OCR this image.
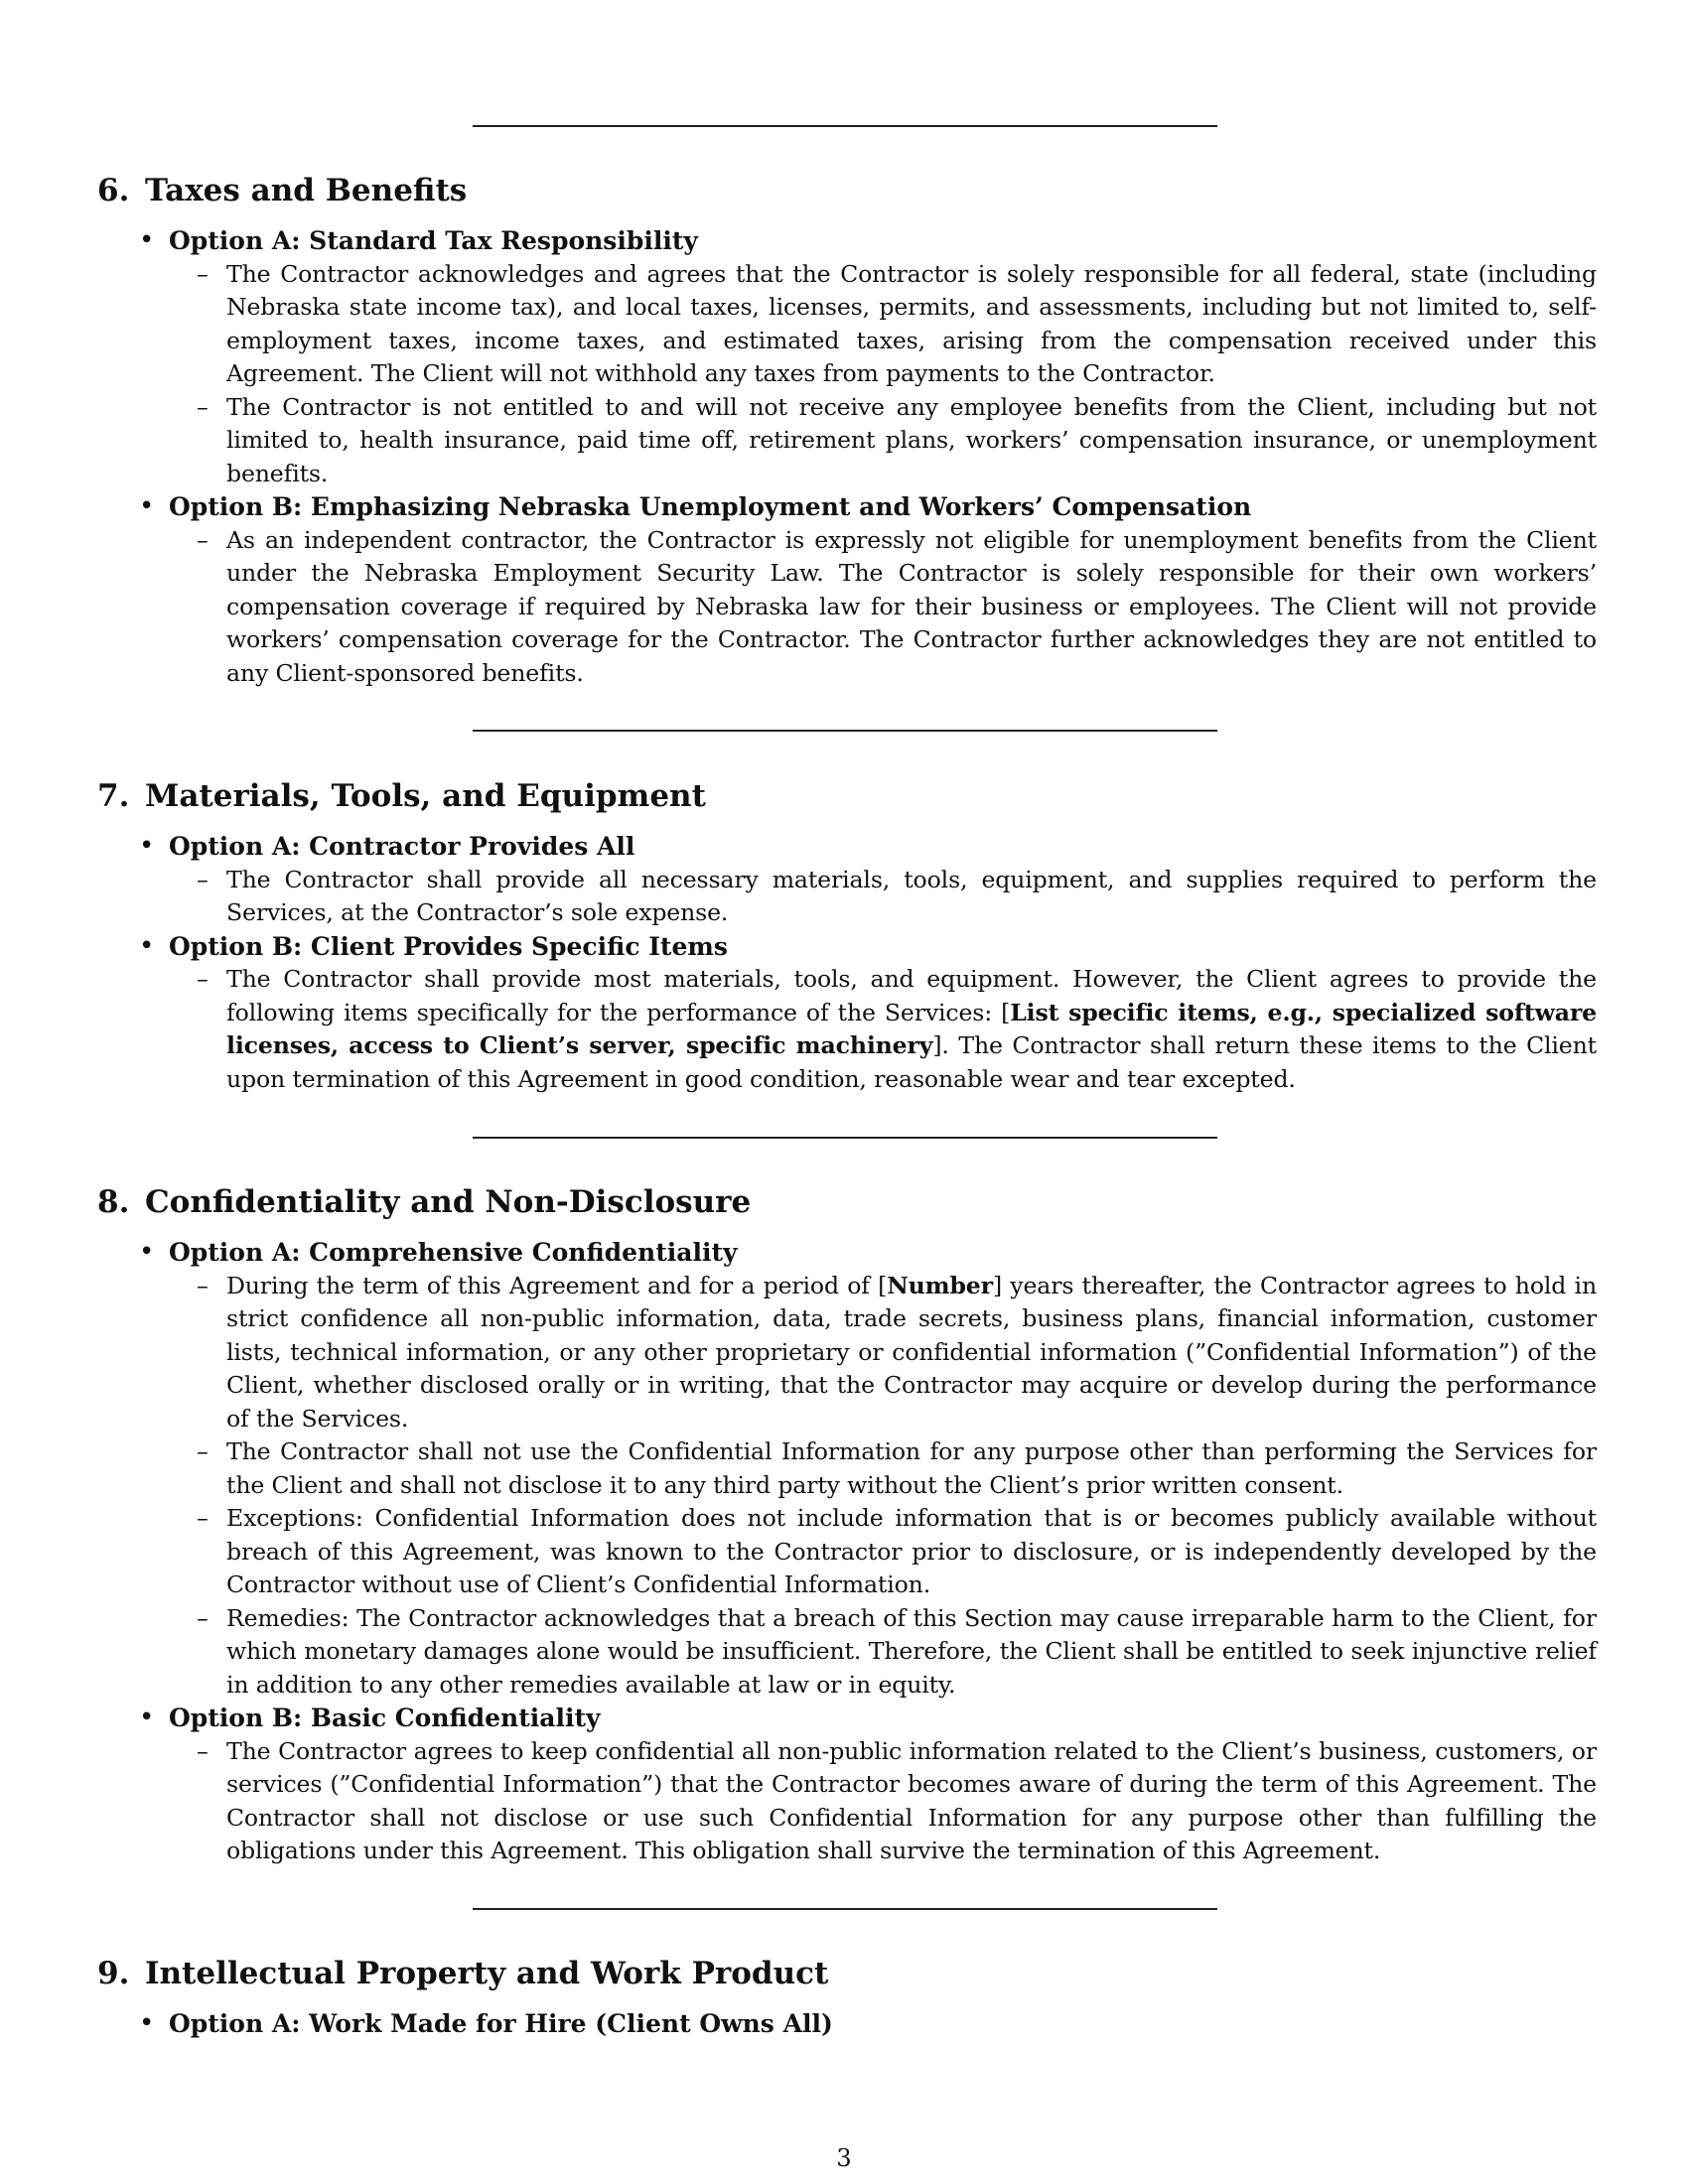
6. Taxes and Benefits
• Option A: Standard Tax Responsibility
– The Contractor acknowledges and agrees that the Contractor is solely responsible for all federal, state (including Nebraska state income tax), and local taxes, licenses, permits, and assessments, including but not limited to, self-employment taxes, income taxes, and estimated taxes, arising from the compensation received under this Agreement. The Client will not withhold any taxes from payments to the Contractor.
– The Contractor is not entitled to and will not receive any employee benefits from the Client, including but not limited to, health insurance, paid time off, retirement plans, workers’ compensation insurance, or unemployment benefits.
• Option B: Emphasizing Nebraska Unemployment and Workers’ Compensation
– As an independent contractor, the Contractor is expressly not eligible for unemployment benefits from the Client under the Nebraska Employment Security Law. The Contractor is solely responsible for their own workers’ compensation coverage if required by Nebraska law for their business or employees. The Client will not provide workers’ compensation coverage for the Contractor. The Contractor further acknowledges they are not entitled to any Client-sponsored benefits.
7. Materials, Tools, and Equipment
• Option A: Contractor Provides All
– The Contractor shall provide all necessary materials, tools, equipment, and supplies required to perform the Services, at the Contractor’s sole expense.
• Option B: Client Provides Specific Items
– The Contractor shall provide most materials, tools, and equipment. However, the Client agrees to provide the following items specifically for the performance of the Services: [List specific items, e.g., specialized software licenses, access to Client’s server, specific machinery]. The Contractor shall return these items to the Client upon termination of this Agreement in good condition, reasonable wear and tear excepted.
8. Confidentiality and Non-Disclosure
• Option A: Comprehensive Confidentiality
– During the term of this Agreement and for a period of [Number] years thereafter, the Contractor agrees to hold in strict confidence all non-public information, data, trade secrets, business plans, financial information, customer lists, technical information, or any other proprietary or confidential information (”Confidential Information”) of the Client, whether disclosed orally or in writing, that the Contractor may acquire or develop during the performance of the Services.
– The Contractor shall not use the Confidential Information for any purpose other than performing the Services for the Client and shall not disclose it to any third party without the Client’s prior written consent.
– Exceptions: Confidential Information does not include information that is or becomes publicly available without breach of this Agreement, was known to the Contractor prior to disclosure, or is independently developed by the Contractor without use of Client’s Confidential Information.
– Remedies: The Contractor acknowledges that a breach of this Section may cause irreparable harm to the Client, for which monetary damages alone would be insufficient. Therefore, the Client shall be entitled to seek injunctive relief in addition to any other remedies available at law or in equity.
• Option B: Basic Confidentiality
– The Contractor agrees to keep confidential all non-public information related to the Client’s business, customers, or services (”Confidential Information”) that the Contractor becomes aware of during the term of this Agreement. The Contractor shall not disclose or use such Confidential Information for any purpose other than fulfilling the obligations under this Agreement. This obligation shall survive the termination of this Agreement.
9. Intellectual Property and Work Product
• Option A: Work Made for Hire (Client Owns All)
3
